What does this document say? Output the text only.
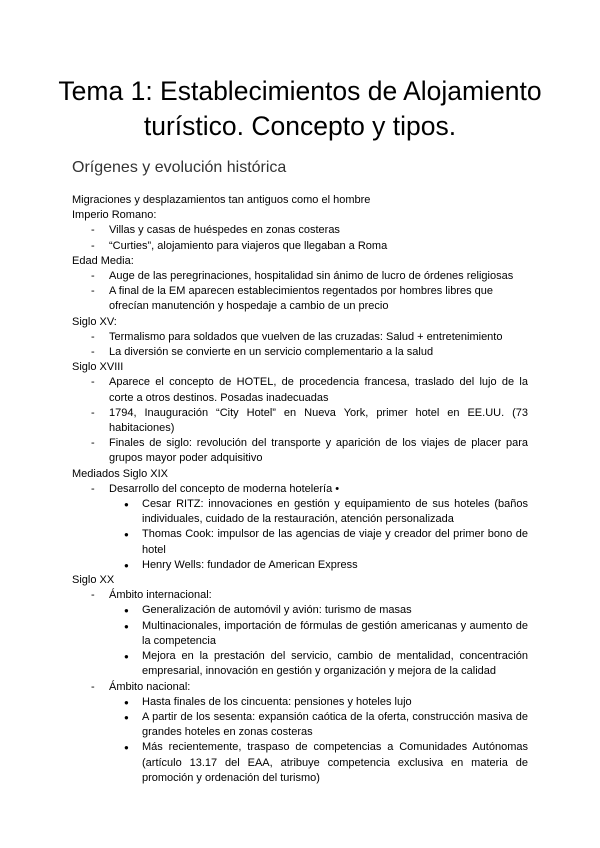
Tema 1: Establecimientos de Alojamiento turístico. Concepto y tipos.
Orígenes y evolución histórica

Migraciones y desplazamientos tan antiguos como el hombre

Imperio Romano:

- Villas y casas de huéspedes en zonas costeras
- “Curties”, alojamiento para viajeros que llegaban a Roma

Edad Media:

- Auge de las peregrinaciones, hospitalidad sin ánimo de lucro de órdenes religiosas
- A final de la EM aparecen establecimientos regentados por hombres libres que ofrecían manutención y hospedaje a cambio de un precio

Siglo XV:

- Termalismo para soldados que vuelven de las cruzadas: Salud + entretenimiento
- La diversión se convierte en un servicio complementario a la salud

Siglo XVIII

- Aparece el concepto de HOTEL, de procedencia francesa, traslado del lujo de la corte a otros destinos. Posadas inadecuadas
- 1794, Inauguración “City Hotel” en Nueva York, primer hotel en EE.UU. (73 habitaciones)
- Finales de siglo: revolución del transporte y aparición de los viajes de placer para grupos mayor poder adquisitivo

Mediados Siglo XIX

- Desarrollo del concepto de moderna hotelería •
● Cesar RITZ: innovaciones en gestión y equipamiento de sus hoteles (baños individuales, cuidado de la restauración, atención personalizada
● Thomas Cook: impulsor de las agencias de viaje y creador del primer bono de hotel
● Henry Wells: fundador de American Express

Siglo XX

- Ámbito internacional:
● Generalización de automóvil y avión: turismo de masas
● Multinacionales, importación de fórmulas de gestión americanas y aumento de la competencia
● Mejora en la prestación del servicio, cambio de mentalidad, concentración empresarial, innovación en gestión y organización y mejora de la calidad
- Ámbito nacional:
● Hasta finales de los cincuenta: pensiones y hoteles lujo
● A partir de los sesenta: expansión caótica de la oferta, construcción masiva de grandes hoteles en zonas costeras
● Más recientemente, traspaso de competencias a Comunidades Autónomas (artículo 13.17 del EAA, atribuye competencia exclusiva en materia de promoción y ordenación del turismo)
